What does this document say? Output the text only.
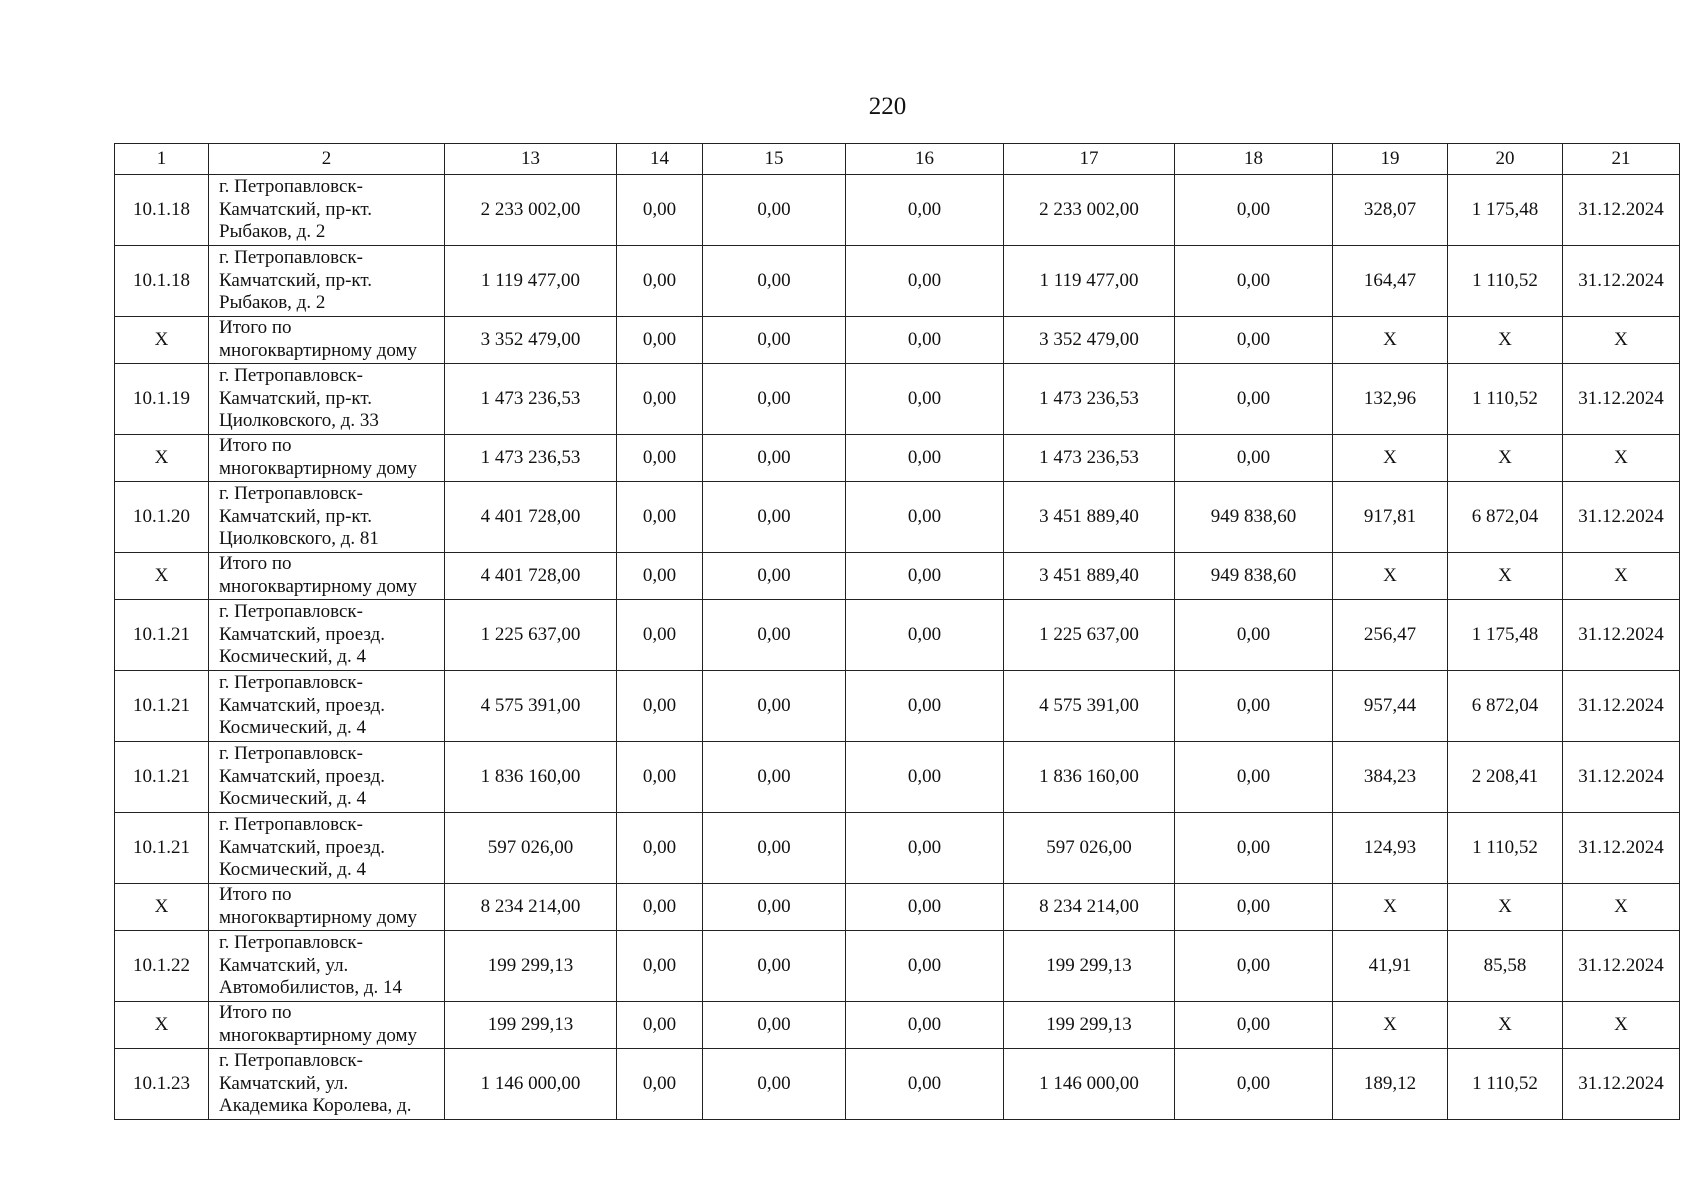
220
1	2	13	14	15	16	17	18	19	20	21
10.1.18	г. Петропавловск-
Камчатский, пр-кт.
Рыбаков, д. 2	2 233 002,00	0,00	0,00	0,00	2 233 002,00	0,00	328,07	1 175,48	31.12.2024
10.1.18	г. Петропавловск-
Камчатский, пр-кт.
Рыбаков, д. 2	1 119 477,00	0,00	0,00	0,00	1 119 477,00	0,00	164,47	1 110,52	31.12.2024
Х	Итого по
многоквартирному дому	3 352 479,00	0,00	0,00	0,00	3 352 479,00	0,00	Х	Х	Х
10.1.19	г. Петропавловск-
Камчатский, пр-кт.
Циолковского, д. 33	1 473 236,53	0,00	0,00	0,00	1 473 236,53	0,00	132,96	1 110,52	31.12.2024
Х	Итого по
многоквартирному дому	1 473 236,53	0,00	0,00	0,00	1 473 236,53	0,00	Х	Х	Х
10.1.20	г. Петропавловск-
Камчатский, пр-кт.
Циолковского, д. 81	4 401 728,00	0,00	0,00	0,00	3 451 889,40	949 838,60	917,81	6 872,04	31.12.2024
Х	Итого по
многоквартирному дому	4 401 728,00	0,00	0,00	0,00	3 451 889,40	949 838,60	Х	Х	Х
10.1.21	г. Петропавловск-
Камчатский, проезд.
Космический, д. 4	1 225 637,00	0,00	0,00	0,00	1 225 637,00	0,00	256,47	1 175,48	31.12.2024
10.1.21	г. Петропавловск-
Камчатский, проезд.
Космический, д. 4	4 575 391,00	0,00	0,00	0,00	4 575 391,00	0,00	957,44	6 872,04	31.12.2024
10.1.21	г. Петропавловск-
Камчатский, проезд.
Космический, д. 4	1 836 160,00	0,00	0,00	0,00	1 836 160,00	0,00	384,23	2 208,41	31.12.2024
10.1.21	г. Петропавловск-
Камчатский, проезд.
Космический, д. 4	597 026,00	0,00	0,00	0,00	597 026,00	0,00	124,93	1 110,52	31.12.2024
Х	Итого по
многоквартирному дому	8 234 214,00	0,00	0,00	0,00	8 234 214,00	0,00	Х	Х	Х
10.1.22	г. Петропавловск-
Камчатский, ул.
Автомобилистов, д. 14	199 299,13	0,00	0,00	0,00	199 299,13	0,00	41,91	85,58	31.12.2024
Х	Итого по
многоквартирному дому	199 299,13	0,00	0,00	0,00	199 299,13	0,00	Х	Х	Х
10.1.23	г. Петропавловск-
Камчатский, ул.
Академика Королева, д.	1 146 000,00	0,00	0,00	0,00	1 146 000,00	0,00	189,12	1 110,52	31.12.2024
